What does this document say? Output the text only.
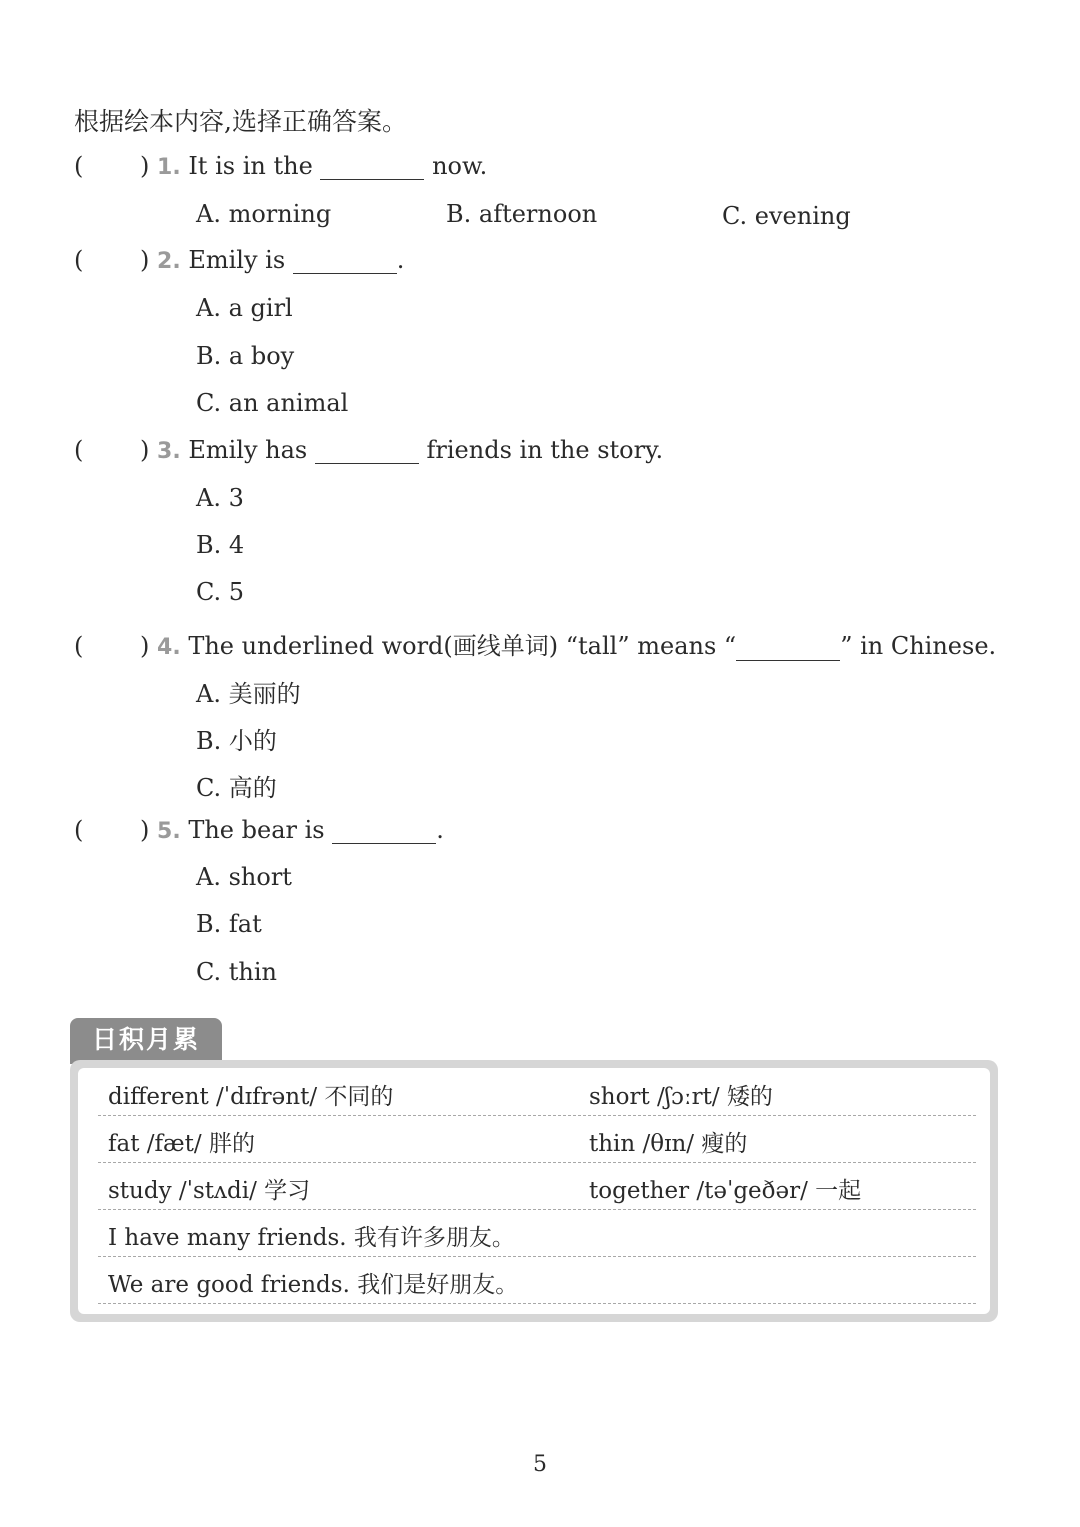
根据绘本内容,选择正确答案。
( ) 1. It is in the	now.
A. morning	B. afternoon	C. evening
( ) 2. Emily is	.
A. a girl
B. a boy
C. an animal
( ) 3. Emily has	friends in the story.
A. 3
B. 4
C. 5
( ) 4. The underlined word(画线单词) “tall” means “	” in Chinese.
A. 美丽的
B. 小的
C. 高的
( ) 5. The bear is	.
A. short
B. fat
C. thin
日积月累
different /ˈdɪfrənt/ 不同的	short /ʃɔːrt/ 矮的
fat /fæt/ 胖的	thin /θɪn/ 瘦的
study /ˈstʌdi/ 学习	together /təˈgeðər/ 一起
I have many friends. 我有许多朋友。
We are good friends. 我们是好朋友。
5
